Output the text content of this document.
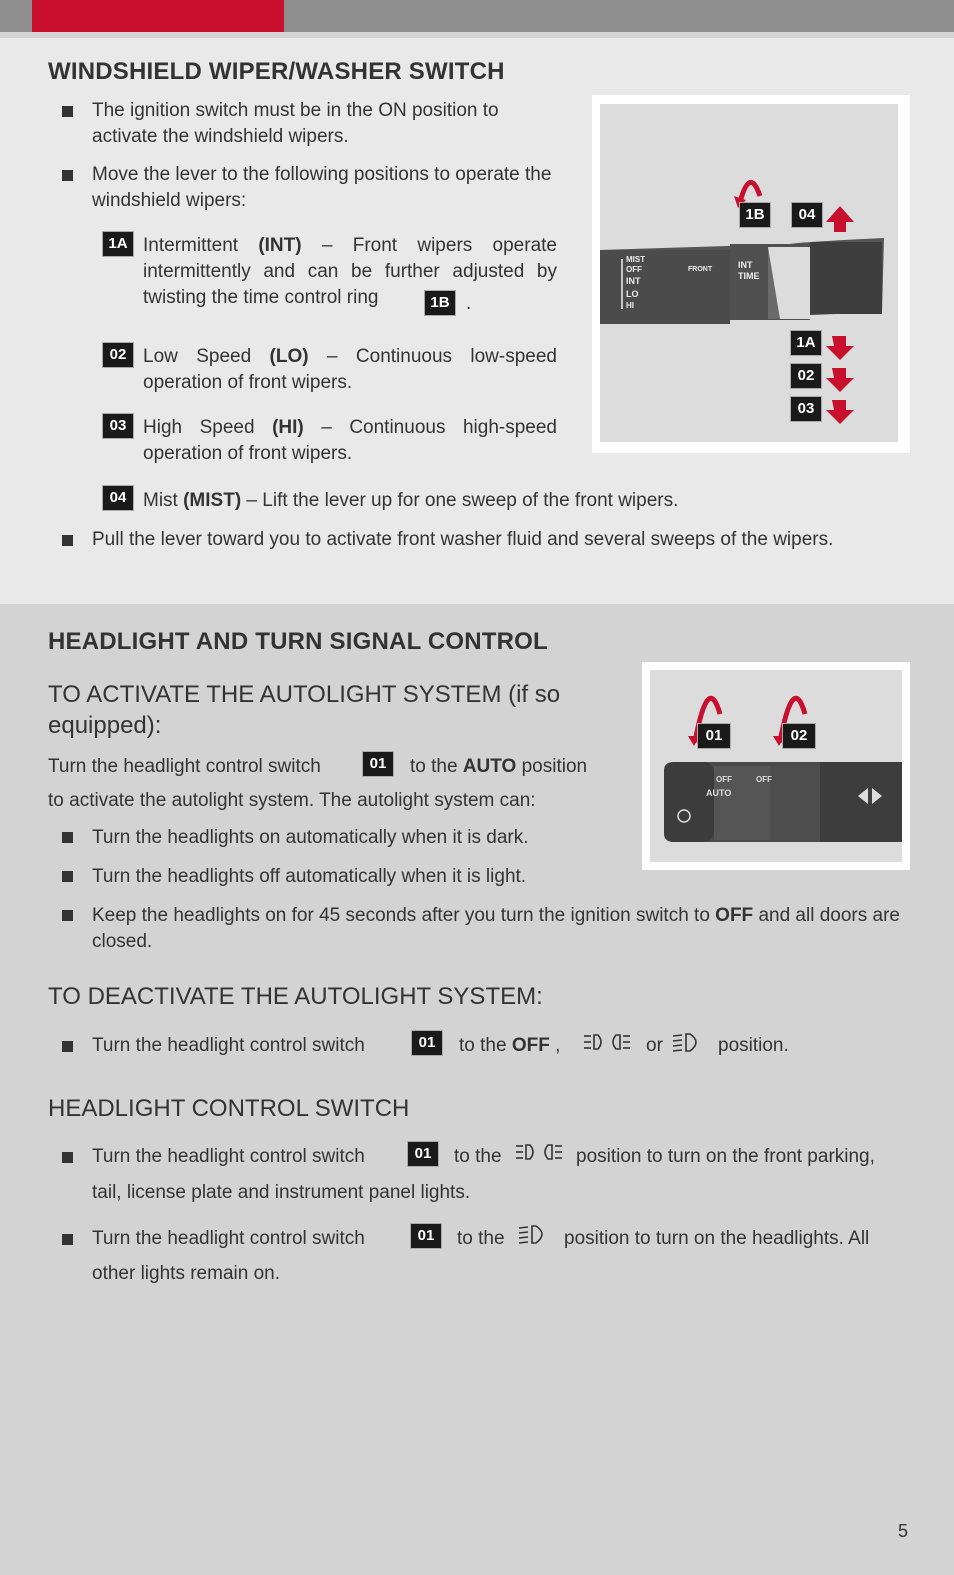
WINDSHIELD WIPER/WASHER SWITCH
The ignition switch must be in the ON position to activate the windshield wipers.
Move the lever to the following positions to operate the windshield wipers:
1A Intermittent (INT) – Front wipers operate intermittently and can be further adjusted by twisting the time control ring	1B .
02 Low Speed (LO) – Continuous low-speed operation of front wipers.
03 High Speed (HI) – Continuous high-speed operation of front wipers.
04 Mist (MIST) – Lift the lever up for one sweep of the front wipers.
Pull the lever toward you to activate front washer fluid and several sweeps of the wipers.
MIST
OFF
INT
LO
HI
FRONT	INT
TIME
1B	04
1A
02
03
HEADLIGHT AND TURN SIGNAL CONTROL
TO ACTIVATE THE AUTOLIGHT SYSTEM (if so equipped):
Turn the headlight control switch	01	to the AUTO position
to activate the autolight system. The autolight system can:
Turn the headlights on automatically when it is dark.
Turn the headlights off automatically when it is light.
Keep the headlights on for 45 seconds after you turn the ignition switch to OFF and all doors are closed.
TO DEACTIVATE THE AUTOLIGHT SYSTEM:
Turn the headlight control switch	01	to the OFF ,	or	position.
HEADLIGHT CONTROL SWITCH
Turn the headlight control switch	01	to the	position to turn on the front parking,
tail, license plate and instrument panel lights.
Turn the headlight control switch	01	to the	position to turn on the headlights. All
other lights remain on.
OFF	OFF
AUTO
01	02
5
